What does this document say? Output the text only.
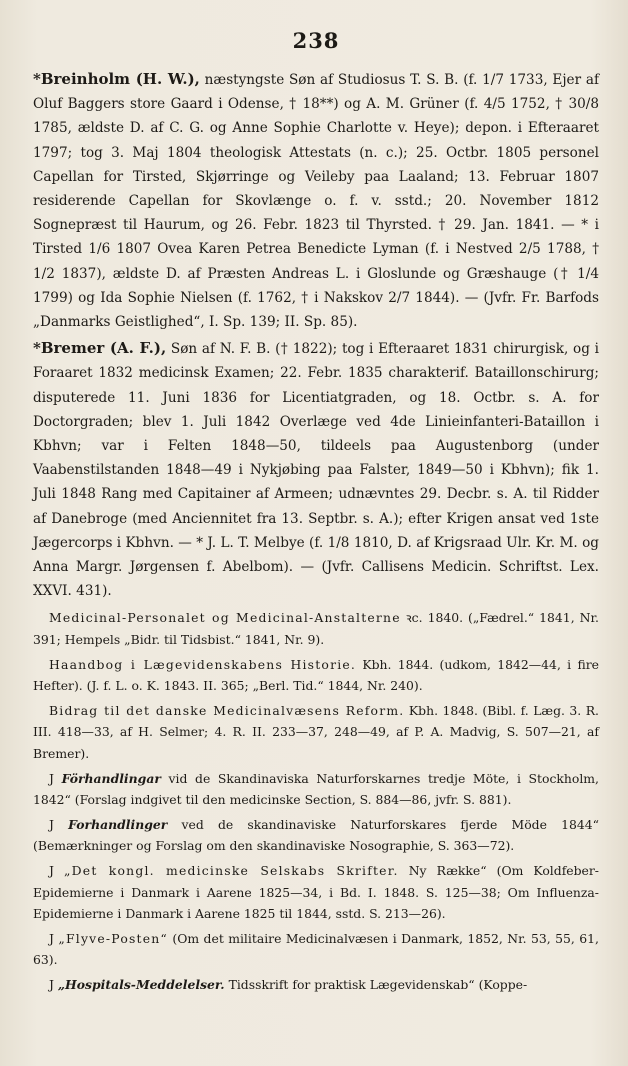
238

*Breinholm (H. W.), næstyngste Søn af Studiosus T. S. B. (f. 1/7 1733, Ejer af Oluf Baggers store Gaard i Odense, † 18**) og A. M. Grüner (f. 4/5 1752, † 30/8 1785, ældste D. af C. G. og Anne Sophie Charlotte v. Heye); depon. i Efteraaret 1797; tog 3. Maj 1804 theologisk Attestats (n. c.); 25. Octbr. 1805 personel Capellan for Tirsted, Skjørringe og Veileby paa Laaland; 13. Februar 1807 residerende Capellan for Skovlænge o. f. v. sstd.; 20. November 1812 Sognepræst til Haurum, og 26. Febr. 1823 til Thyrsted. † 29. Jan. 1841. — * i Tirsted 1/6 1807 Ovea Karen Petrea Benedicte Lyman (f. i Nestved 2/5 1788, † 1/2 1837), ældste D. af Præsten Andreas L. i Gloslunde og Græshauge († 1/4 1799) og Ida Sophie Nielsen (f. 1762, † i Nakskov 2/7 1844). — (Jvfr. Fr. Barfods „Danmarks Geistlighed“, I. Sp. 139; II. Sp. 85).

*Bremer (A. F.), Søn af N. F. B. († 1822); tog i Efteraaret 1831 chirurgisk, og i Foraaret 1832 medicinsk Examen; 22. Febr. 1835 charakterif. Bataillonschirurg; disputerede 11. Juni 1836 for Licentiatgraden, og 18. Octbr. s. A. for Doctorgraden; blev 1. Juli 1842 Overlæge ved 4de Linieinfanteri-Bataillon i Kbhvn; var i Felten 1848—50, tildeels paa Augustenborg (under Vaabenstilstanden 1848—49 i Nykjøbing paa Falster, 1849—50 i Kbhvn); fik 1. Juli 1848 Rang med Capitainer af Armeen; udnævntes 29. Decbr. s. A. til Ridder af Danebroge (med Anciennitet fra 13. Septbr. s. A.); efter Krigen ansat ved 1ste Jægercorps i Kbhvn. — * J. L. T. Melbye (f. 1/8 1810, D. af Krigsraad Ulr. Kr. M. og Anna Margr. Jørgensen f. Abelbom). — (Jvfr. Callisens Medicin. Schriftst. Lex. XXVI. 431).

Medicinal-Personalet og Medicinal-Anstalterne ꝛc. 1840. („Fædrel.“ 1841, Nr. 391; Hempels „Bidr. til Tidsbist.“ 1841, Nr. 9).

Haandbog i Lægevidenskabens Historie. Kbh. 1844. (udkom, 1842—44, i fire Hefter). (J. f. L. o. K. 1843. II. 365; „Berl. Tid.“ 1844, Nr. 240).

Bidrag til det danske Medicinalvæsens Reform. Kbh. 1848. (Bibl. f. Læg. 3. R. III. 418—33, af H. Selmer; 4. R. II. 233—37, 248—49, af P. A. Madvig, S. 507—21, af Bremer).

J Förhandlingar vid de Skandinaviska Naturforskarnes tredje Möte, i Stockholm, 1842“ (Forslag indgivet til den medicinske Section, S. 884—86, jvfr. S. 881).

J Forhandlinger ved de skandinaviske Naturforskares fjerde Möde 1844“ (Bemærkninger og Forslag om den skandinaviske Nosographie, S. 363—72).

J „Det kongl. medicinske Selskabs Skrifter. Ny Række“ (Om Koldfeber-Epidemierne i Danmark i Aarene 1825—34, i Bd. I. 1848. S. 125—38; Om Influenza-Epidemierne i Danmark i Aarene 1825 til 1844, sstd. S. 213—26).

J „Flyve-Posten“ (Om det militaire Medicinalvæsen i Danmark, 1852, Nr. 53, 55, 61, 63).

J „Hospitals-Meddelelser. Tidsskrift for praktisk Lægevidenskab“ (Koppe-
